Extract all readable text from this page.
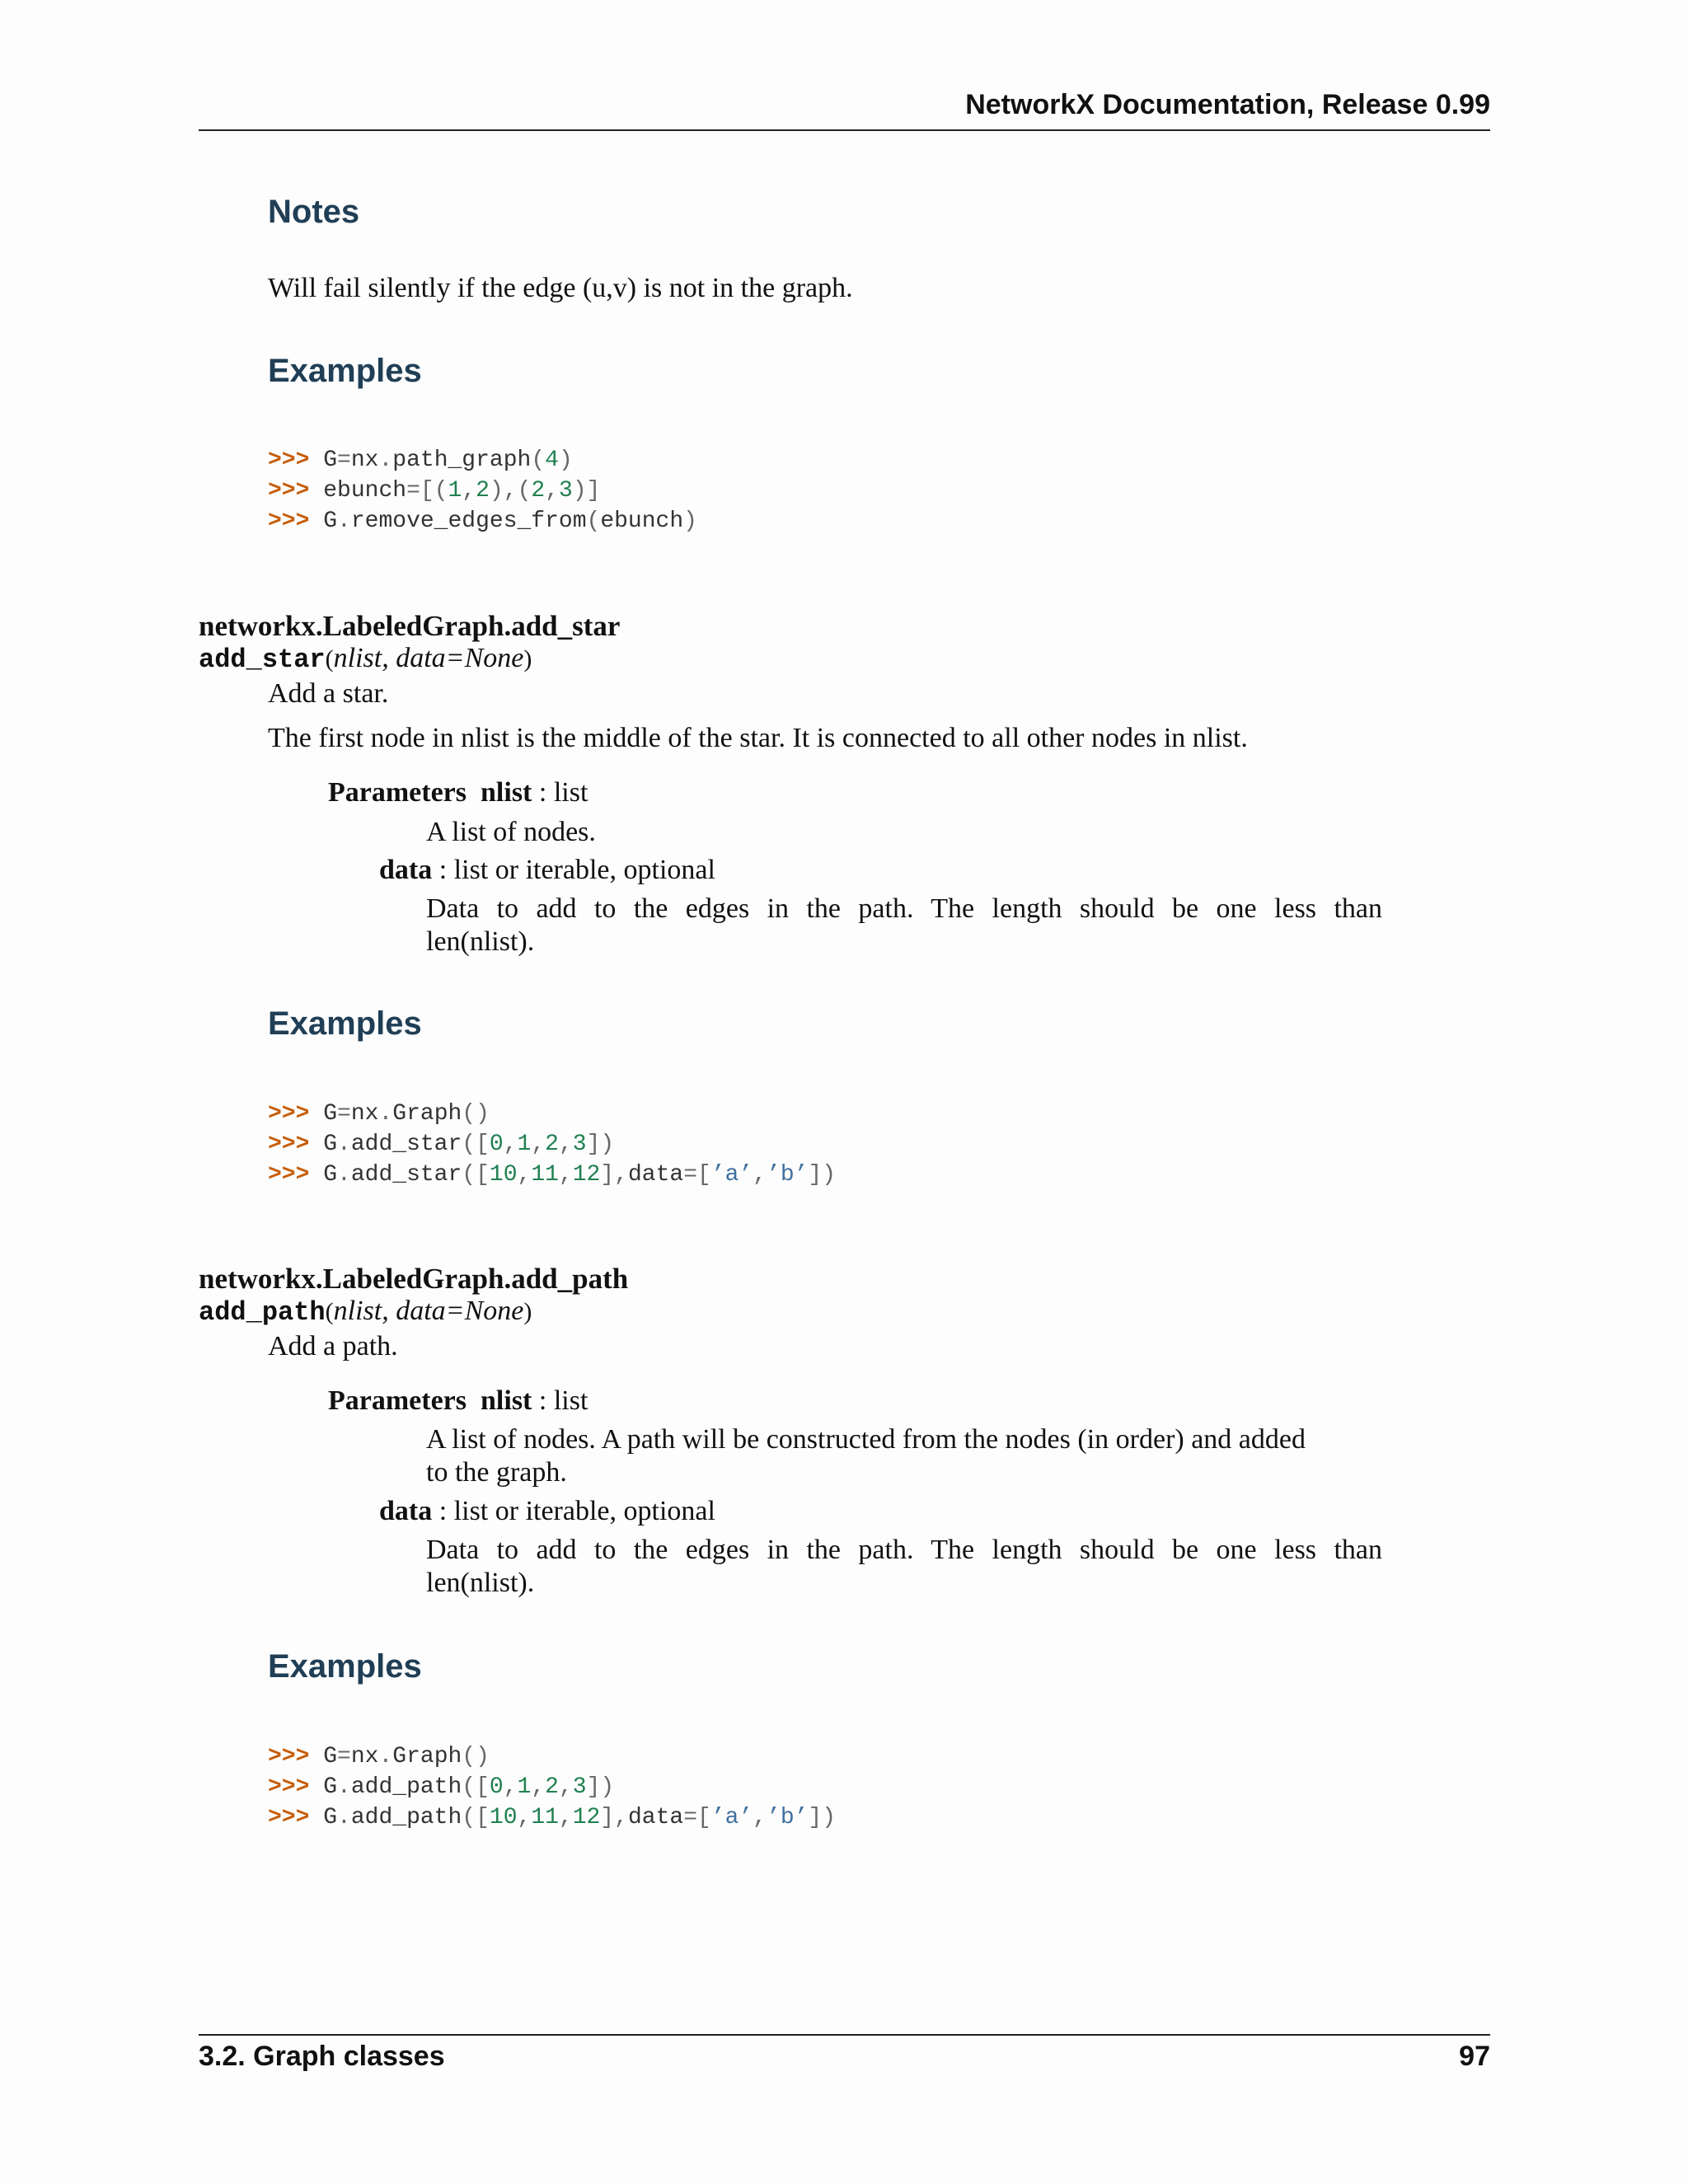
NetworkX Documentation, Release 0.99
Notes
Will fail silently if the edge (u,v) is not in the graph.
Examples
>>> G=nx.path_graph(4)
>>> ebunch=[(1,2),(2,3)]
>>> G.remove_edges_from(ebunch)
networkx.LabeledGraph.add_star
add_star(nlist, data=None)
Add a star.
The first node in nlist is the middle of the star. It is connected to all other nodes in nlist.
Parameters nlist : list
A list of nodes.
data : list or iterable, optional
Data to add to the edges in the path. The length should be one less than
len(nlist).
Examples
>>> G=nx.Graph()
>>> G.add_star([0,1,2,3])
>>> G.add_star([10,11,12],data=[’a’,’b’])
networkx.LabeledGraph.add_path
add_path(nlist, data=None)
Add a path.
Parameters nlist : list
A list of nodes. A path will be constructed from the nodes (in order) and added
to the graph.
data : list or iterable, optional
Data to add to the edges in the path. The length should be one less than
len(nlist).
Examples
>>> G=nx.Graph()
>>> G.add_path([0,1,2,3])
>>> G.add_path([10,11,12],data=[’a’,’b’])
3.2. Graph classes	97
